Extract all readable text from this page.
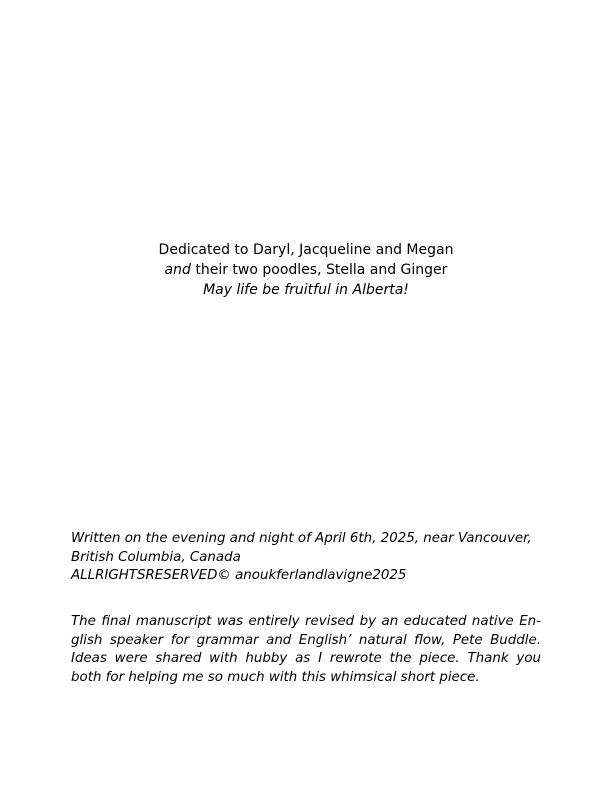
Dedicated to Daryl, Jacqueline and Megan
and their two poodles, Stella and Ginger
May life be fruitful in Alberta!
Written on the evening and night of April 6th, 2025, near Vancouver,
British Columbia, Canada
ALLRIGHTSRESERVED© anoukferlandlavigne2025
The final manuscript was entirely revised by an educated native En-
glish speaker for grammar and English’ natural flow, Pete Buddle.
Ideas were shared with hubby as I rewrote the piece. Thank you
both for helping me so much with this whimsical short piece.
